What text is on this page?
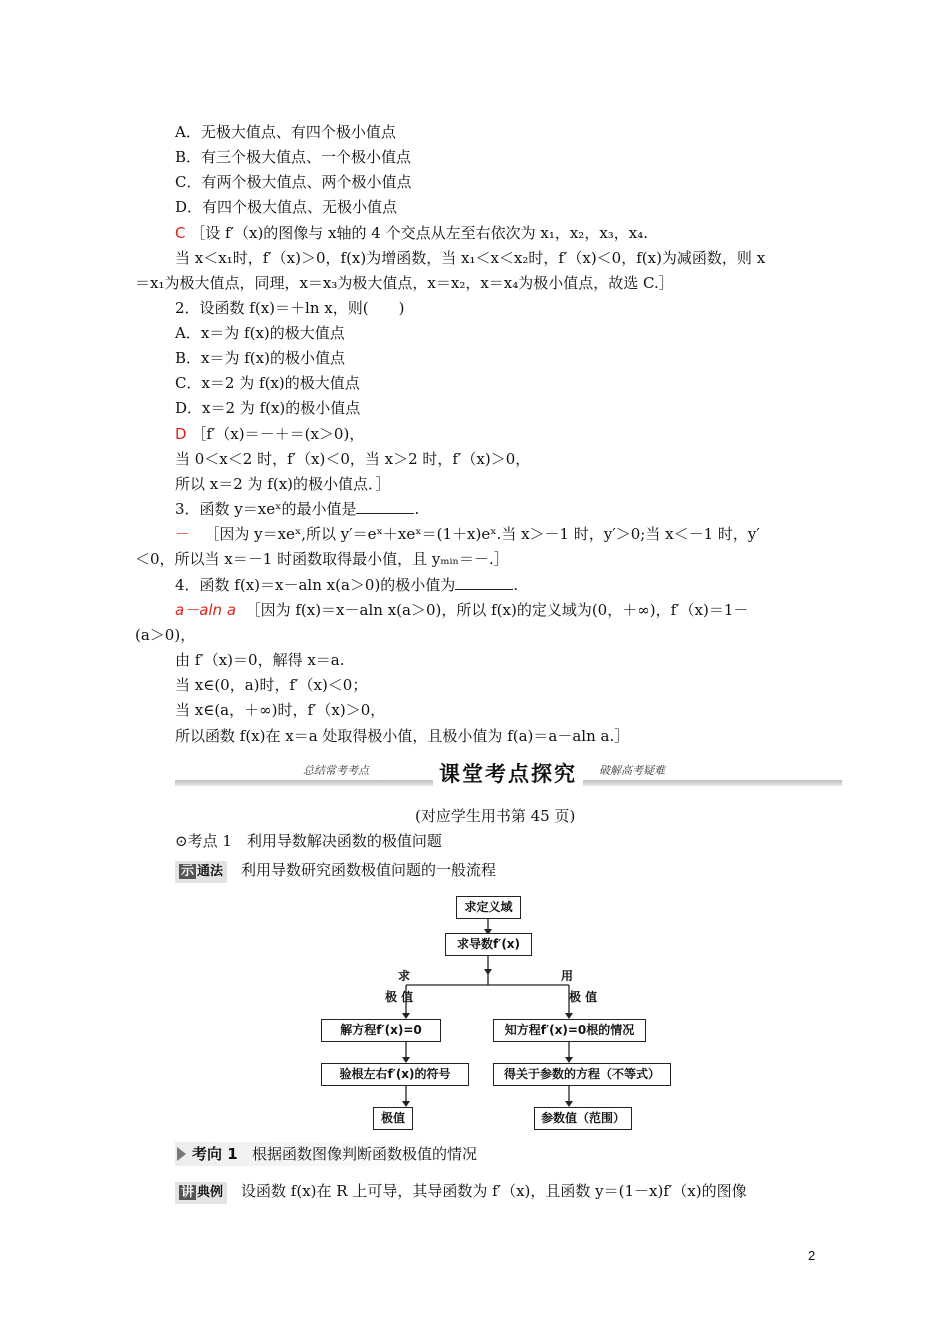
A．无极大值点、有四个极小值点
B．有三个极大值点、一个极小值点
C．有两个极大值点、两个极小值点
D．有四个极大值点、无极小值点
C ［设 f′（x)的图像与 x轴的 4 个交点从左至右依次为 x₁，x₂，x₃，x₄.
当 x＜x₁时，f′（x)＞0，f(x)为增函数，当 x₁＜x＜x₂时，f′（x)＜0，f(x)为减函数，则 x
＝x₁为极大值点，同理，x＝x₃为极大值点，x＝x₂，x＝x₄为极小值点，故选 C.］
2．设函数 f(x)＝＋ln x，则(　　)
A．x＝为 f(x)的极大值点
B．x＝为 f(x)的极小值点
C．x＝2 为 f(x)的极大值点
D．x＝2 为 f(x)的极小值点
D ［f′（x)＝－＋＝(x＞0)，
当 0＜x＜2 时，f′（x)＜0，当 x＞2 时，f′（x)＞0，
所以 x＝2 为 f(x)的极小值点．］
3．函数 y＝xeˣ的最小值是	.
－ ［因为 y＝xeˣ,所以 y′＝eˣ＋xeˣ＝(1＋x)eˣ.当 x＞－1 时，y′＞0;当 x＜－1 时，y′
＜0，所以当 x＝－1 时函数取得最小值，且 yₘᵢₙ＝－.］
4．函数 f(x)＝x－aln x(a＞0)的极小值为	.
a－aln a ［因为 f(x)＝x－aln x(a＞0)，所以 f(x)的定义域为(0，＋∞)，f′（x)＝1－
(a＞0)，
由 f′（x)＝0，解得 x＝a.
当 x∈(0，a)时，f′（x)＜0；
当 x∈(a，＋∞)时，f′（x)＞0，
所以函数 f(x)在 x＝a 处取得极小值，且极小值为 f(a)＝a－aln a.］
总结常考考点	课堂考点探究	破解高考疑难
(对应学生用书第 45 页)
⊙考点 1　利用导数解决函数的极值问题
示 通法 利用导数研究函数极值问题的一般流程
求定义域
求导数f′(x)
求
极 值
用
极 值
解方程f′(x)=0	知方程f′(x)=0根的情况
验根左右f′(x)的符号	得关于参数的方程（不等式）
极值	参数值（范围）
考向 1 根据函数图像判断函数极值的情况
讲 典例 设函数 f(x)在 R 上可导，其导函数为 f′（x)，且函数 y＝(1－x)f′（x)的图像
2
